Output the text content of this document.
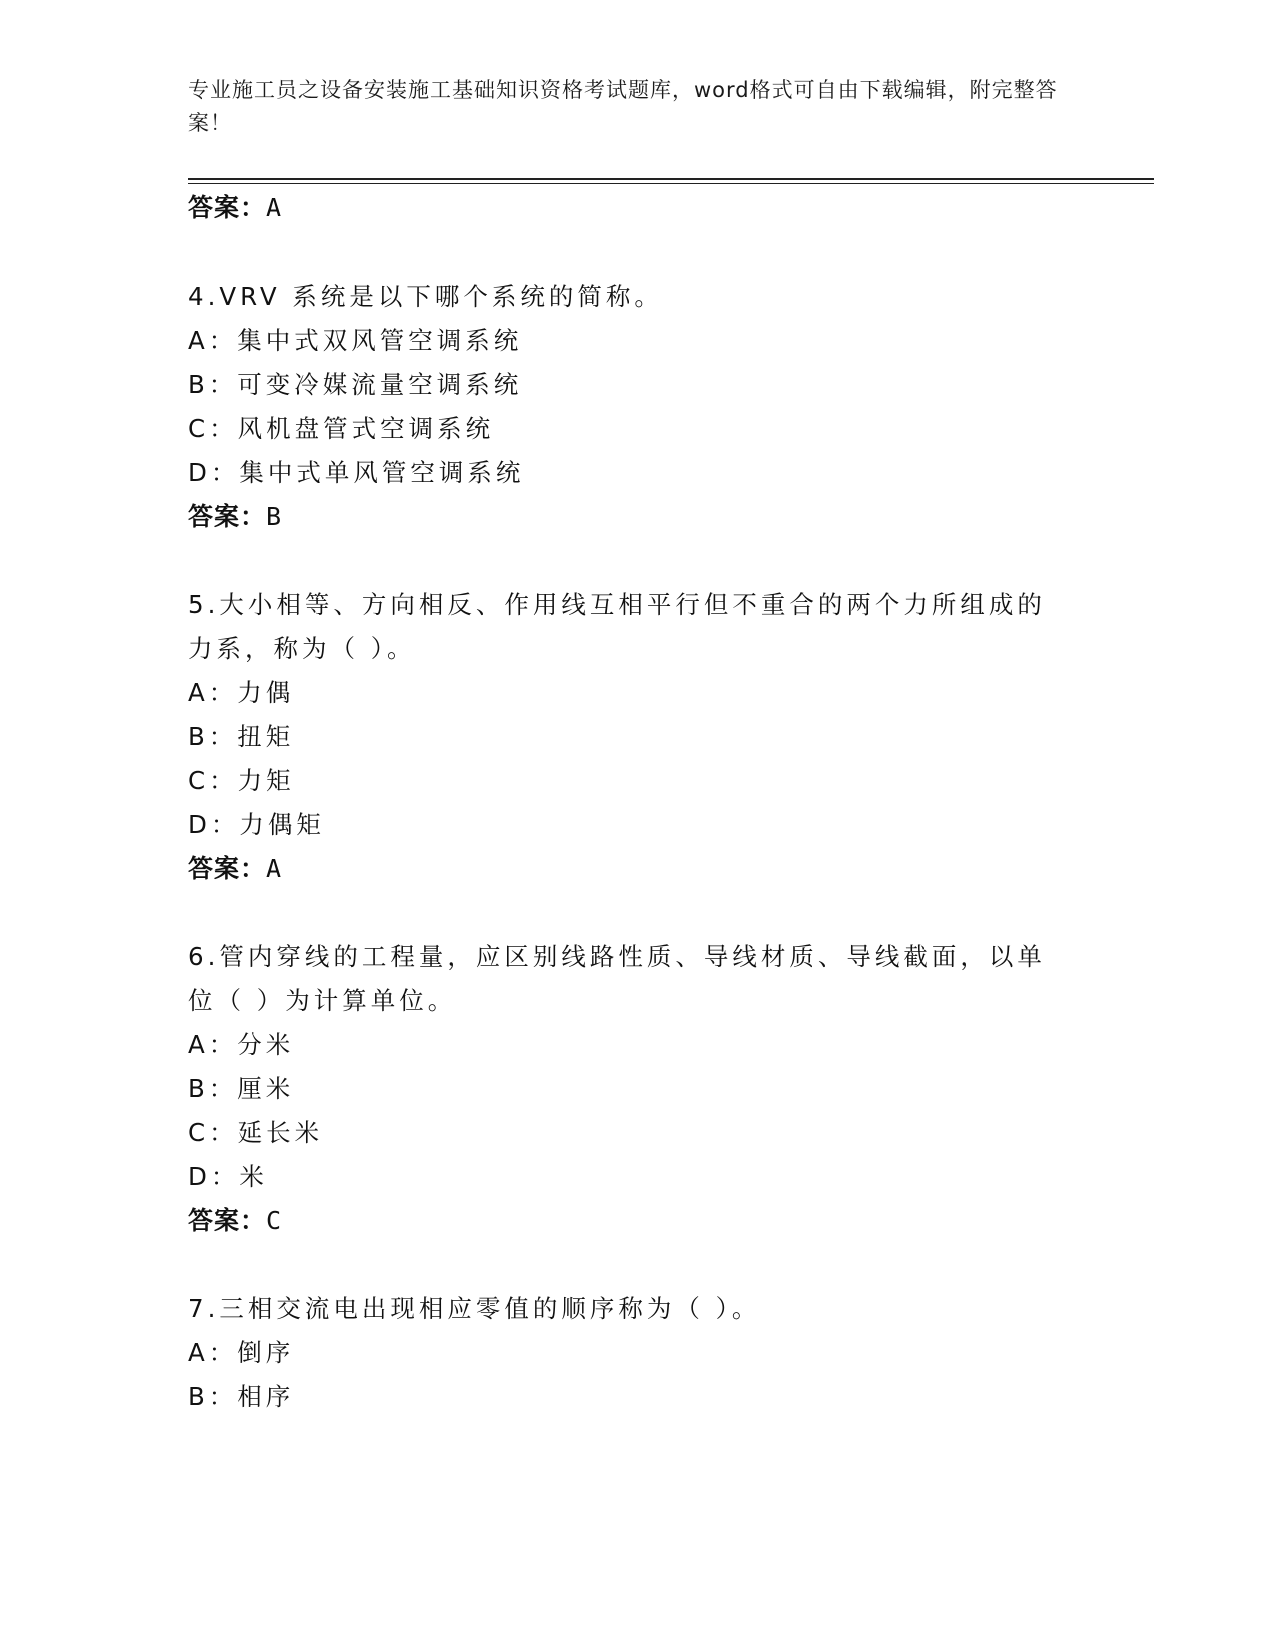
专业施工员之设备安装施工基础知识资格考试题库，word格式可自由下载编辑，附完整答案！
答案：A
4.VRV 系统是以下哪个系统的简称。
A：集中式双风管空调系统
B：可变冷媒流量空调系统
C：风机盘管式空调系统
D：集中式单风管空调系统
答案：B
5.大小相等、方向相反、作用线互相平行但不重合的两个力所组成的
力系，称为（ ）。
A：力偶
B：扭矩
C：力矩
D：力偶矩
答案：A
6.管内穿线的工程量，应区别线路性质、导线材质、导线截面，以单
位（ ）为计算单位。
A：分米
B：厘米
C：延长米
D：米
答案：C
7.三相交流电出现相应零值的顺序称为（ ）。
A：倒序
B：相序
